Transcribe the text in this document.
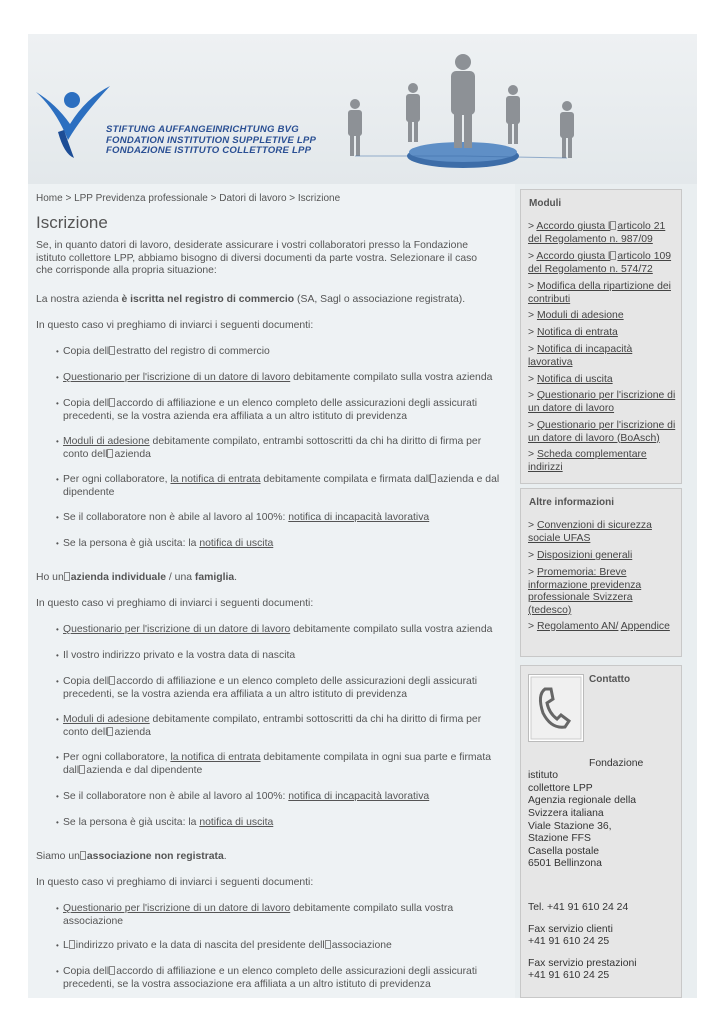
STIFTUNG AUFFANGEINRICHTUNG BVG
FONDATION INSTITUTION SUPPLETIVE LPP
FONDAZIONE ISTITUTO COLLETTORE LPP
Home > LPP Previdenza professionale > Datori di lavoro > Iscrizione
Iscrizione

Se, in quanto datori di lavoro, desiderate assicurare i vostri collaboratori presso la Fondazione istituto collettore LPP, abbiamo bisogno di diversi documenti da parte vostra. Selezionare il caso che corrisponde alla propria situazione:

La nostra azienda è iscritta nel registro di commercio (SA, Sagl o associazione registrata).

In questo caso vi preghiamo di inviarci i seguenti documenti:

• Copia dell estratto del registro di commercio
• Questionario per l'iscrizione di un datore di lavoro debitamente compilato sulla vostra azienda
• Copia dell accordo di affiliazione e un elenco completo delle assicurazioni degli assicurati precedenti, se la vostra azienda era affiliata a un altro istituto di previdenza
• Moduli di adesione debitamente compilato, entrambi sottoscritti da chi ha diritto di firma per conto dell azienda
• Per ogni collaboratore, la notifica di entrata debitamente compilata e firmata dall azienda e dal dipendente
• Se il collaboratore non è abile al lavoro al 100%: notifica di incapacità lavorativa
• Se la persona è già uscita: la notifica di uscita

Ho un azienda individuale / una famiglia.

In questo caso vi preghiamo di inviarci i seguenti documenti:

• Questionario per l'iscrizione di un datore di lavoro debitamente compilato sulla vostra azienda
• Il vostro indirizzo privato e la vostra data di nascita
• Copia dell accordo di affiliazione e un elenco completo delle assicurazioni degli assicurati precedenti, se la vostra azienda era affiliata a un altro istituto di previdenza
• Moduli di adesione debitamente compilato, entrambi sottoscritti da chi ha diritto di firma per conto dell azienda
• Per ogni collaboratore, la notifica di entrata debitamente compilata in ogni sua parte e firmata dall azienda e dal dipendente
• Se il collaboratore non è abile al lavoro al 100%: notifica di incapacità lavorativa
• Se la persona è già uscita: la notifica di uscita

Siamo un associazione non registrata.

In questo caso vi preghiamo di inviarci i seguenti documenti:

• Questionario per l'iscrizione di un datore di lavoro debitamente compilato sulla vostra associazione
• L indirizzo privato e la data di nascita del presidente dell associazione
• Copia dell accordo di affiliazione e un elenco completo delle assicurazioni degli assicurati precedenti, se la vostra associazione era affiliata a un altro istituto di previdenza
Moduli
> Accordo giusta l articolo 21 del Regolamento n. 987/09
> Accordo giusta l articolo 109 del Regolamento n. 574/72
> Modifica della ripartizione dei contributi
> Moduli di adesione
> Notifica di entrata
> Notifica di incapacità lavorativa
> Notifica di uscita
> Questionario per l'iscrizione di un datore di lavoro
> Questionario per l'iscrizione di un datore di lavoro (BoAsch)
> Scheda complementare indirizzi
Altre informazioni
> Convenzioni di sicurezza sociale UFAS
> Disposizioni generali
> Promemoria: Breve informazione previdenza professionale Svizzera (tedesco)
> Regolamento AN/ Appendice
Contatto
Fondazione
istituto
collettore LPP
Agenzia regionale della
Svizzera italiana
Viale Stazione 36,
Stazione FFS
Casella postale
6501 Bellinzona
Tel. +41 91 610 24 24
Fax servizio clienti
+41 91 610 24 25
Fax servizio prestazioni
+41 91 610 24 25
